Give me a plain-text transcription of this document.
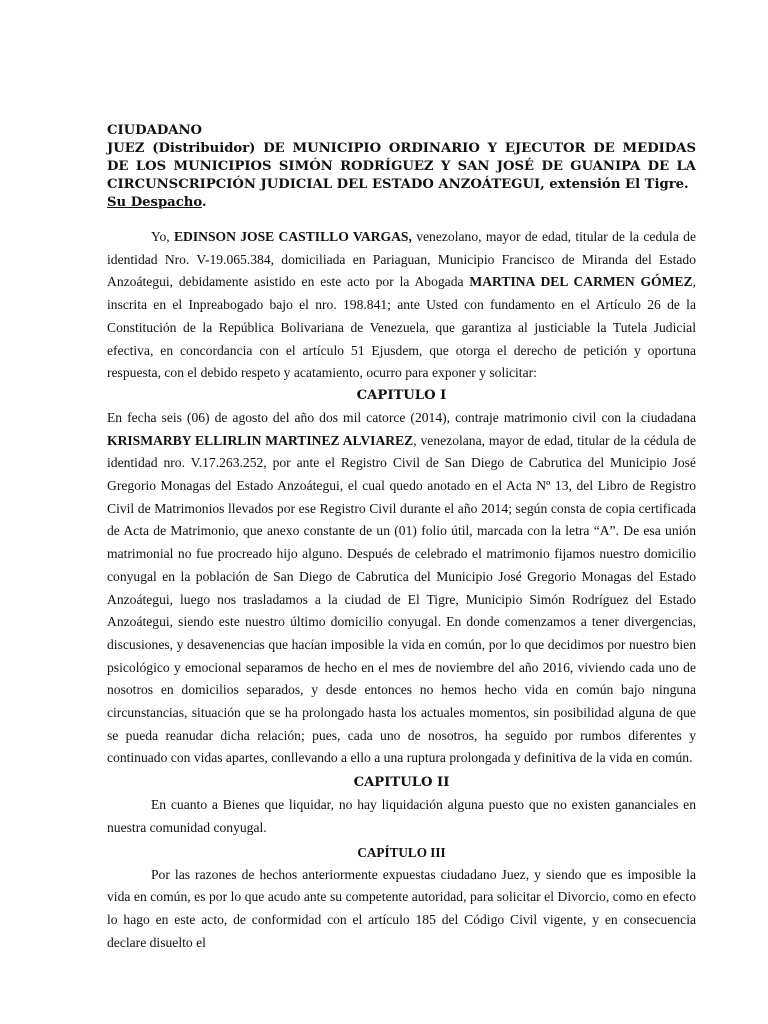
CIUDADANO
JUEZ (Distribuidor) DE MUNICIPIO ORDINARIO Y EJECUTOR DE MEDIDAS DE LOS MUNICIPIOS SIMÓN RODRÍGUEZ Y SAN JOSÉ DE GUANIPA DE LA CIRCUNSCRIPCIÓN JUDICIAL DEL ESTADO ANZOÁTEGUI, extensión El Tigre.
Su Despacho.

Yo, EDINSON JOSE CASTILLO VARGAS, venezolano, mayor de edad, titular de la cedula de identidad Nro. V-19.065.384, domiciliada en Pariaguan, Municipio Francisco de Miranda del Estado Anzoátegui, debidamente asistido en este acto por la Abogada MARTINA DEL CARMEN GÓMEZ, inscrita en el Inpreabogado bajo el nro. 198.841; ante Usted con fundamento en el Artículo 26 de la Constitución de la República Bolivariana de Venezuela, que garantiza al justiciable la Tutela Judicial efectiva, en concordancia con el artículo 51 Ejusdem, que otorga el derecho de petición y oportuna respuesta, con el debido respeto y acatamiento, ocurro para exponer y solicitar:

CAPITULO I

En fecha seis (06) de agosto del año dos mil catorce (2014), contraje matrimonio civil con la ciudadana KRISMARBY ELLIRLIN MARTINEZ ALVIAREZ, venezolana, mayor de edad, titular de la cédula de identidad nro. V.17.263.252, por ante el Registro Civil de San Diego de Cabrutica del Municipio José Gregorio Monagas del Estado Anzoátegui, el cual quedo anotado en el Acta Nº 13, del Libro de Registro Civil de Matrimonios llevados por ese Registro Civil durante el año 2014; según consta de copia certificada de Acta de Matrimonio, que anexo constante de un (01) folio útil, marcada con la letra “A”. De esa unión matrimonial no fue procreado hijo alguno. Después de celebrado el matrimonio fijamos nuestro domicilio conyugal en la población de San Diego de Cabrutica del Municipio José Gregorio Monagas del Estado Anzoátegui, luego nos trasladamos a la ciudad de El Tigre, Municipio Simón Rodríguez del Estado Anzoátegui, siendo este nuestro último domicilio conyugal. En donde comenzamos a tener divergencias, discusiones, y desavenencias que hacían imposible la vida en común, por lo que decidimos por nuestro bien psicológico y emocional separamos de hecho en el mes de noviembre del año 2016, viviendo cada uno de nosotros en domicilios separados, y desde entonces no hemos hecho vida en común bajo ninguna circunstancias, situación que se ha prolongado hasta los actuales momentos, sin posibilidad alguna de que se pueda reanudar dicha relación; pues, cada uno de nosotros, ha seguido por rumbos diferentes y continuado con vidas apartes, conllevando a ello a una ruptura prolongada y definitiva de la vida en común.

CAPITULO II

En cuanto a Bienes que liquidar, no hay liquidación alguna puesto que no existen gananciales en nuestra comunidad conyugal.

CAPÍTULO III

Por las razones de hechos anteriormente expuestas ciudadano Juez, y siendo que es imposible la vida en común, es por lo que acudo ante su competente autoridad, para solicitar el Divorcio, como en efecto lo hago en este acto, de conformidad con el artículo 185 del Código Civil vigente, y en consecuencia declare disuelto el
